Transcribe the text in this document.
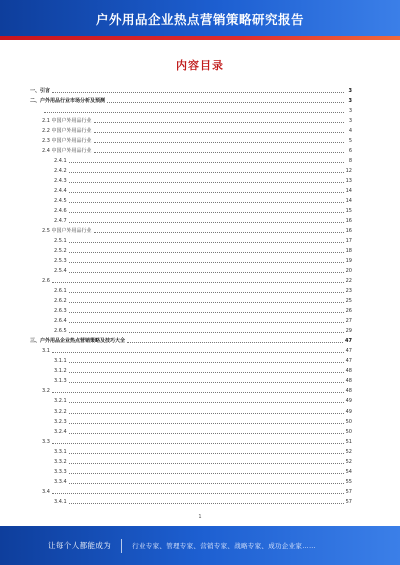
户外用品企业热点营销策略研究报告
内容目录
一、引言	3
二、户外用品行业市场分析及预测	3
3
2.1 中国户外用品行业	3
2.2 中国户外用品行业	4
2.3 中国户外用品行业	5
2.4 中国户外用品行业	6
2.4.1	8
2.4.2	12
2.4.3	13
2.4.4	14
2.4.5	14
2.4.6	15
2.4.7	16
2.5 中国户外用品行业	16
2.5.1	17
2.5.2	18
2.5.3	19
2.5.4	20
2.6	22
2.6.1	23
2.6.2	25
2.6.3	26
2.6.4	27
2.6.5	29
三、户外用品企业热点营销策略及技巧大全	47
3.1	47
3.1.1	47
3.1.2	48
3.1.3	48
3.2	48
3.2.1	49
3.2.2	49
3.2.3	50
3.2.4	50
3.3	51
3.3.1	52
3.3.2	52
3.3.3	54
3.3.4	55
3.4	57
3.4.1	57
1
让每个人都能成为	行业专家、管理专家、营销专家、战略专家、成功企业家……
